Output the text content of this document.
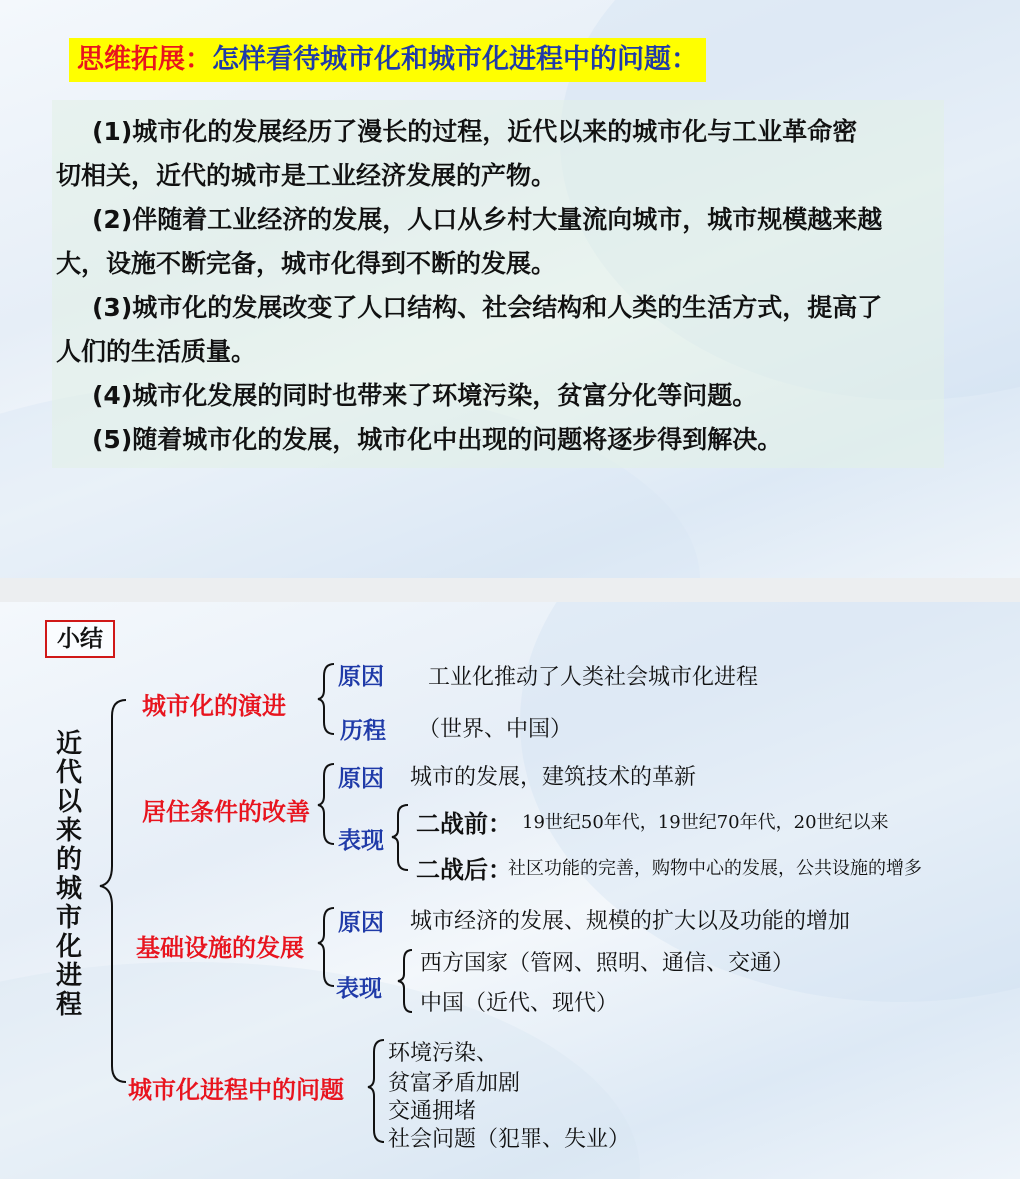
思维拓展：怎样看待城市化和城市化进程中的问题：
(1)城市化的发展经历了漫长的过程，近代以来的城市化与工业革命密
切相关，近代的城市是工业经济发展的产物。
(2)伴随着工业经济的发展，人口从乡村大量流向城市，城市规模越来越
大，设施不断完备，城市化得到不断的发展。
(3)城市化的发展改变了人口结构、社会结构和人类的生活方式，提高了
人们的生活质量。
(4)城市化发展的同时也带来了环境污染，贫富分化等问题。
(5)随着城市化的发展，城市化中出现的问题将逐步得到解决。
小结
近
代
以
来
的
城
市
化
进
程
城市化的演进
原因 工业化推动了人类社会城市化进程
历程 （世界、中国）
居住条件的改善
原因 城市的发展，建筑技术的革新
表现
二战前： 19世纪50年代，19世纪70年代，20世纪以来
二战后：
社区功能的完善，购物中心的发展，公共设施的增多
基础设施的发展
原因 城市经济的发展、规模的扩大以及功能的增加
表现
西方国家（管网、照明、通信、交通）
中国（近代、现代）
城市化进程中的问题
环境污染、
贫富矛盾加剧
交通拥堵
社会问题（犯罪、失业）
